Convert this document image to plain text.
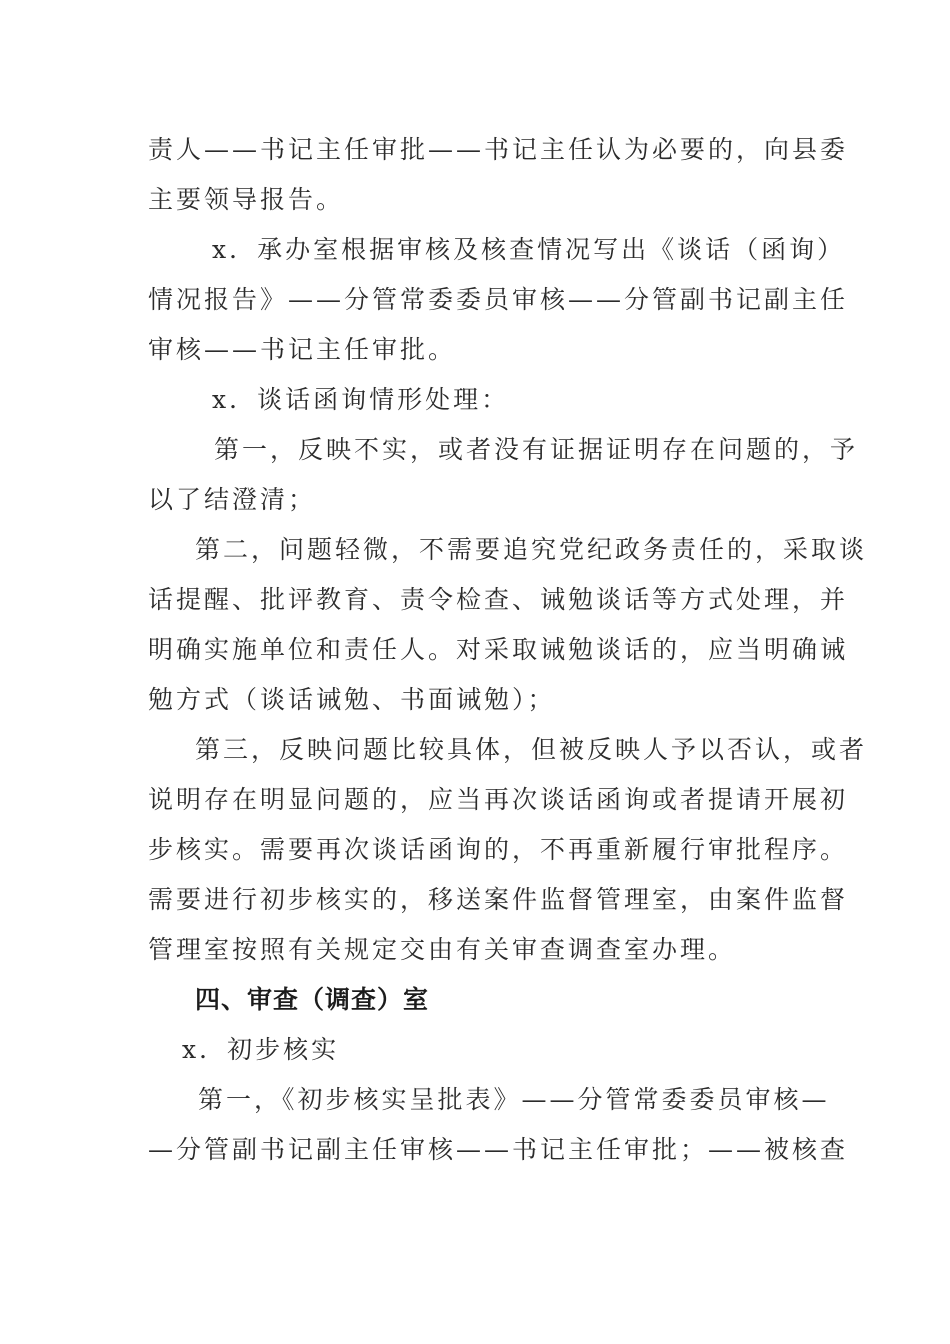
责人——书记主任审批——书记主任认为必要的，向县委
主要领导报告。
x．承办室根据审核及核查情况写出《谈话（函询）
情况报告》——分管常委委员审核——分管副书记副主任
审核——书记主任审批。
x．谈话函询情形处理：
第一，反映不实，或者没有证据证明存在问题的，予
以了结澄清；
第二，问题轻微，不需要追究党纪政务责任的，采取谈
话提醒、批评教育、责令检查、诫勉谈话等方式处理，并
明确实施单位和责任人。对采取诫勉谈话的，应当明确诫
勉方式（谈话诫勉、书面诫勉）；
第三，反映问题比较具体，但被反映人予以否认，或者
说明存在明显问题的，应当再次谈话函询或者提请开展初
步核实。需要再次谈话函询的，不再重新履行审批程序。
需要进行初步核实的，移送案件监督管理室，由案件监督
管理室按照有关规定交由有关审查调查室办理。
四、审查（调查）室
x．初步核实
第一，《初步核实呈批表》——分管常委委员审核—
—分管副书记副主任审核——书记主任审批；——被核查
